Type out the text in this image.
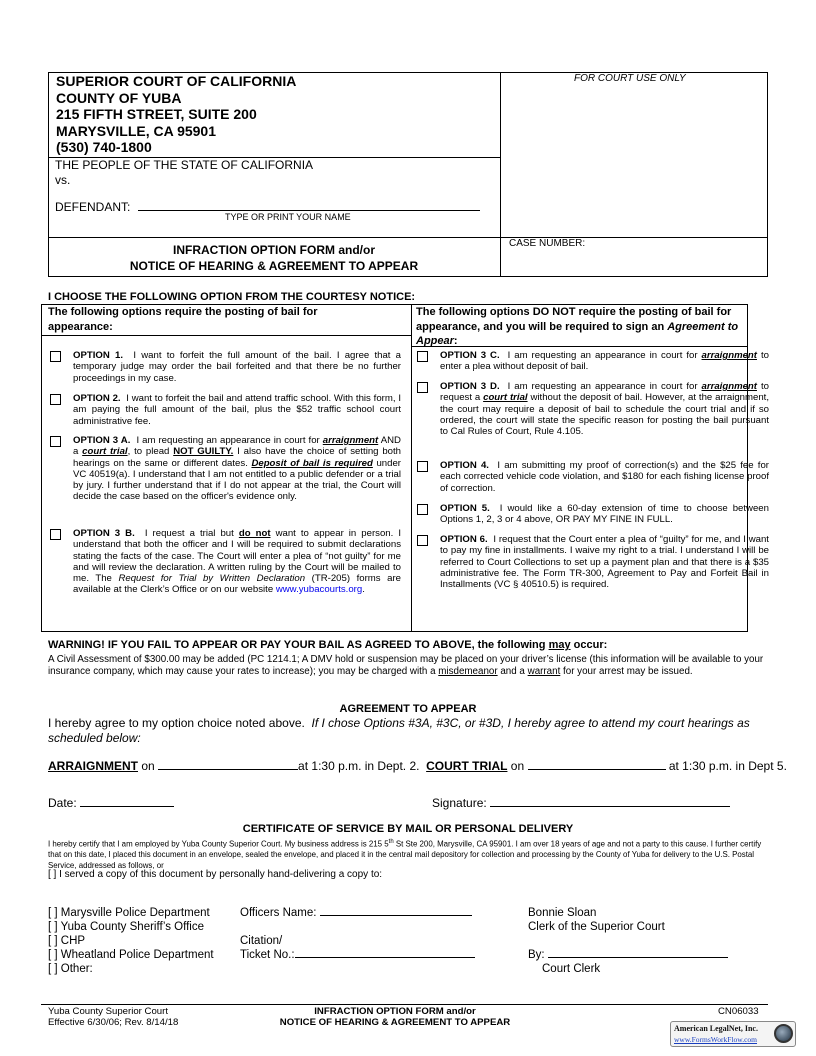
SUPERIOR COURT OF CALIFORNIA
COUNTY OF YUBA
215 FIFTH STREET, SUITE 200
MARYSVILLE, CA 95901
(530) 740-1800
FOR COURT USE ONLY
THE PEOPLE OF THE STATE OF CALIFORNIA
vs.
DEFENDANT:
TYPE OR PRINT YOUR NAME
INFRACTION OPTION FORM and/or
NOTICE OF HEARING & AGREEMENT TO APPEAR
CASE NUMBER:
I CHOOSE THE FOLLOWING OPTION FROM THE COURTESY NOTICE:
The following options require the posting of bail for appearance:
The following options DO NOT require the posting of bail for appearance, and you will be required to sign an Agreement to Appear:
OPTION 1. I want to forfeit the full amount of the bail. I agree that a temporary judge may order the bail forfeited and that there be no further proceedings in my case.
OPTION 2. I want to forfeit the bail and attend traffic school. With this form, I am paying the full amount of the bail, plus the $52 traffic school court administrative fee.
OPTION 3 A. I am requesting an appearance in court for arraignment AND a court trial, to plead NOT GUILTY. I also have the choice of setting both hearings on the same or different dates. Deposit of bail is required under VC 40519(a). I understand that I am not entitled to a public defender or a trial by jury. I further understand that if I do not appear at the trial, the Court will decide the case based on the officer's evidence only.
OPTION 3 B. I request a trial but do not want to appear in person. I understand that both the officer and I will be required to submit declarations stating the facts of the case. The Court will enter a plea of “not guilty” for me and will review the declaration. A written ruling by the Court will be mailed to me. The Request for Trial by Written Declaration (TR-205) forms are available at the Clerk’s Office or on our website www.yubacourts.org.
OPTION 3 C. I am requesting an appearance in court for arraignment to enter a plea without deposit of bail.
OPTION 3 D. I am requesting an appearance in court for arraignment to request a court trial without the deposit of bail. However, at the arraignment, the court may require a deposit of bail to schedule the court trial and if so ordered, the court will state the specific reason for posting the bail pursuant to Cal Rules of Court, Rule 4.105.
OPTION 4. I am submitting my proof of correction(s) and the $25 fee for each corrected vehicle code violation, and $180 for each fishing license proof of correction.
OPTION 5. I would like a 60-day extension of time to choose between Options 1, 2, 3 or 4 above, OR PAY MY FINE IN FULL.
OPTION 6. I request that the Court enter a plea of “guilty” for me, and I want to pay my fine in installments. I waive my right to a trial. I understand I will be referred to Court Collections to set up a payment plan and that there is a $35 administrative fee. The Form TR-300, Agreement to Pay and Forfeit Bail in Installments (VC § 40510.5) is required.
WARNING! IF YOU FAIL TO APPEAR OR PAY YOUR BAIL AS AGREED TO ABOVE, the following may occur:
A Civil Assessment of $300.00 may be added (PC 1214.1; A DMV hold or suspension may be placed on your driver’s license (this information will be available to your insurance company, which may cause your rates to increase); you may be charged with a misdemeanor and a warrant for your arrest may be issued.
AGREEMENT TO APPEAR
I hereby agree to my option choice noted above. If I chose Options #3A, #3C, or #3D, I hereby agree to attend my court hearings as scheduled below:
ARRAIGNMENT on	at 1:30 p.m. in Dept. 2. COURT TRIAL on	at 1:30 p.m. in Dept 5.
Date:	Signature:
CERTIFICATE OF SERVICE BY MAIL OR PERSONAL DELIVERY
I hereby certify that I am employed by Yuba County Superior Court. My business address is 215 5th St Ste 200, Marysville, CA 95901. I am over 18 years of age and not a party to this cause. I further certify that on this date, I placed this document in an envelope, sealed the envelope, and placed it in the central mail depository for collection and processing by the County of Yuba for delivery to the U.S. Postal Service, addressed as follows, or
[ ] I served a copy of this document by personally hand-delivering a copy to:
[ ] Marysville Police Department
[ ] Yuba County Sheriff’s Office
[ ] CHP
[ ] Wheatland Police Department
[ ] Other:
Officers Name:

Citation/
Ticket No.:
Bonnie Sloan
Clerk of the Superior Court

By:
Court Clerk
Yuba County Superior Court
Effective 6/30/06; Rev. 8/14/18
INFRACTION OPTION FORM and/or
NOTICE OF HEARING & AGREEMENT TO APPEAR
CN06033
American LegalNet, Inc.
www.FormsWorkFlow.com
